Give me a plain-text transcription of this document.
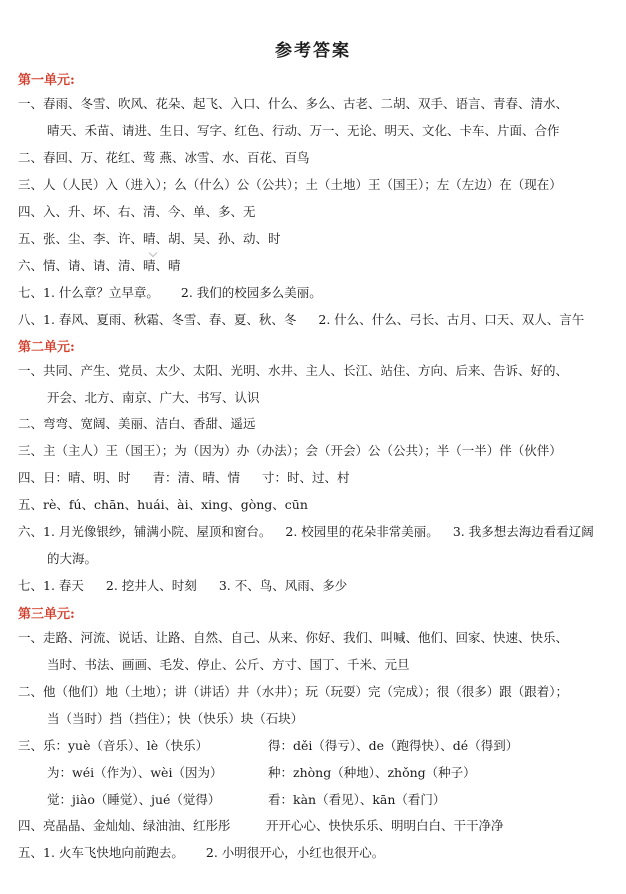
参考答案
第一单元:
一、春雨、冬雪、吹风、花朵、起飞、入口、什么、多么、古老、二胡、双手、语言、青春、清水、
晴天、禾苗、请进、生日、写字、红色、行动、万一、无论、明天、文化、卡车、片面、合作
二、春回、万、花红、莺 燕、冰雪、水、百花、百鸟
三、人（人民）入（进入）；么（什么）公（公共）；土（土地）王（国王）；左（左边）在（现在）
四、入、升、坏、右、清、今、单、多、无
五、张、尘、李、许、晴、胡、吴、孙、动、时
六、情、请、请、清、晴、晴
七、1. 什么章？立早章。 2. 我们的校园多么美丽。
八、1. 春风、夏雨、秋霜、冬雪、春、夏、秋、冬 2. 什么、什么、弓长、古月、口天、双人、言午
第二单元:
一、共同、产生、党员、太少、太阳、光明、水井、主人、长江、站住、方向、后来、告诉、好的、
开会、北方、南京、广大、书写、认识
二、弯弯、宽阔、美丽、洁白、香甜、遥远
三、主（主人）王（国王）；为（因为）办（办法）；会（开会）公（公共）；半（一半）伴（伙伴）
四、日：晴、明、时 青：清、晴、情 寸：时、过、村
五、rè、fú、chān、huái、ài、xing、gòng、cūn
六、1. 月光像银纱，铺满小院、屋顶和窗台。 2. 校园里的花朵非常美丽。 3. 我多想去海边看看辽阔
的大海。
七、1. 春天 2. 挖井人、时刻 3. 不、鸟、风雨、多少
第三单元:
一、走路、河流、说话、让路、自然、自己、从来、你好、我们、叫喊、他们、回家、快速、快乐、
当时、书法、画画、毛发、停止、公斤、方寸、国丁、千米、元旦
二、他（他们）地（土地）；讲（讲话）井（水井）；玩（玩耍）完（完成）；很（很多）跟（跟着）；
当（当时）挡（挡住）；快（快乐）块（石块）
三、乐：yuè（音乐）、lè（快乐）	得：děi（得亏）、de（跑得快）、dé（得到）
为：wéi（作为）、wèi（因为）	种：zhòng（种地）、zhǒng（种子）
觉：jiào（睡觉）、jué（觉得）	看：kàn（看见）、kān（看门）
四、亮晶晶、金灿灿、绿油油、红彤彤	开开心心、快快乐乐、明明白白、干干净净
五、1. 火车飞快地向前跑去。 2. 小明很开心，小红也很开心。
